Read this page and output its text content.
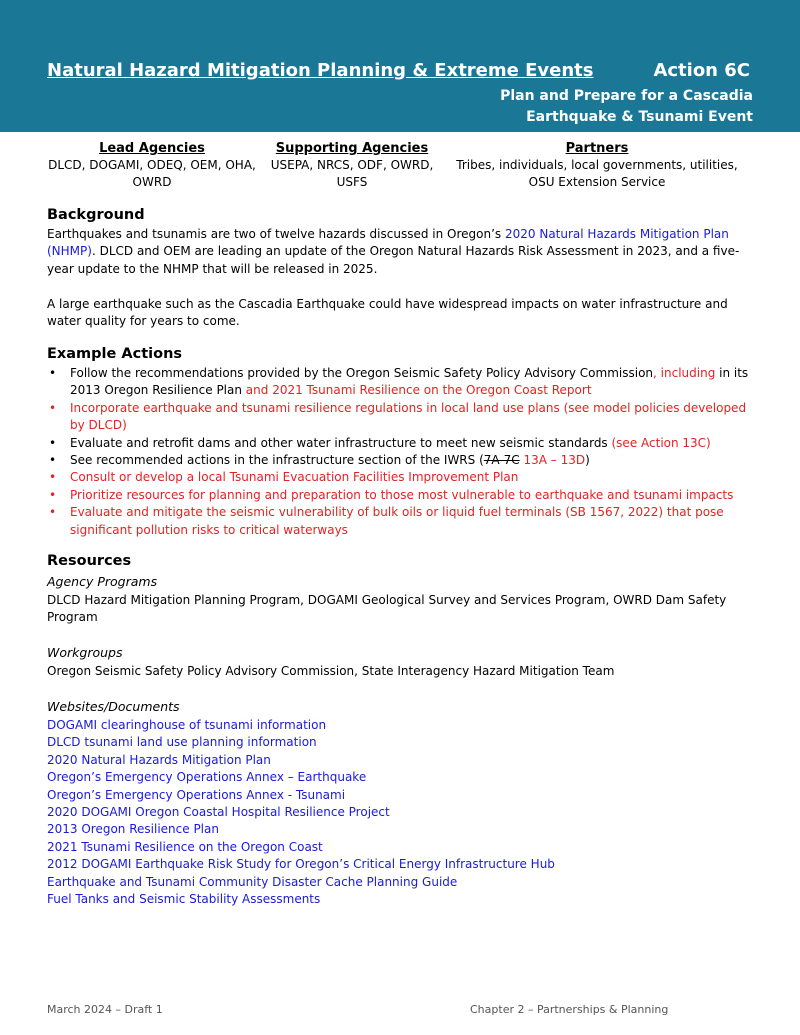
Natural Hazard Mitigation Planning & Extreme Events	Action 6C
Plan and Prepare for a Cascadia
Earthquake & Tsunami Event
Lead Agencies
DLCD, DOGAMI, ODEQ, OEM, OHA, OWRD
Supporting Agencies
USEPA, NRCS, ODF, OWRD, USFS
Partners
Tribes, individuals, local governments, utilities, OSU Extension Service
Background
Earthquakes and tsunamis are two of twelve hazards discussed in Oregon’s 2020 Natural Hazards Mitigation Plan (NHMP). DLCD and OEM are leading an update of the Oregon Natural Hazards Risk Assessment in 2023, and a five-year update to the NHMP that will be released in 2025.
A large earthquake such as the Cascadia Earthquake could have widespread impacts on water infrastructure and water quality for years to come.
Example Actions
• Follow the recommendations provided by the Oregon Seismic Safety Policy Advisory Commission, including in its 2013 Oregon Resilience Plan and 2021 Tsunami Resilience on the Oregon Coast Report
• Incorporate earthquake and tsunami resilience regulations in local land use plans (see model policies developed by DLCD)
• Evaluate and retrofit dams and other water infrastructure to meet new seismic standards (see Action 13C)
• See recommended actions in the infrastructure section of the IWRS (7A-7C 13A – 13D)
• Consult or develop a local Tsunami Evacuation Facilities Improvement Plan
• Prioritize resources for planning and preparation to those most vulnerable to earthquake and tsunami impacts
• Evaluate and mitigate the seismic vulnerability of bulk oils or liquid fuel terminals (SB 1567, 2022) that pose significant pollution risks to critical waterways
Resources
Agency Programs
DLCD Hazard Mitigation Planning Program, DOGAMI Geological Survey and Services Program, OWRD Dam Safety Program
Workgroups
Oregon Seismic Safety Policy Advisory Commission, State Interagency Hazard Mitigation Team
Websites/Documents
DOGAMI clearinghouse of tsunami information
DLCD tsunami land use planning information
2020 Natural Hazards Mitigation Plan
Oregon’s Emergency Operations Annex – Earthquake
Oregon’s Emergency Operations Annex - Tsunami
2020 DOGAMI Oregon Coastal Hospital Resilience Project
2013 Oregon Resilience Plan
2021 Tsunami Resilience on the Oregon Coast
2012 DOGAMI Earthquake Risk Study for Oregon’s Critical Energy Infrastructure Hub
Earthquake and Tsunami Community Disaster Cache Planning Guide
Fuel Tanks and Seismic Stability Assessments
March 2024 – Draft 1	Chapter 2 – Partnerships & Planning
